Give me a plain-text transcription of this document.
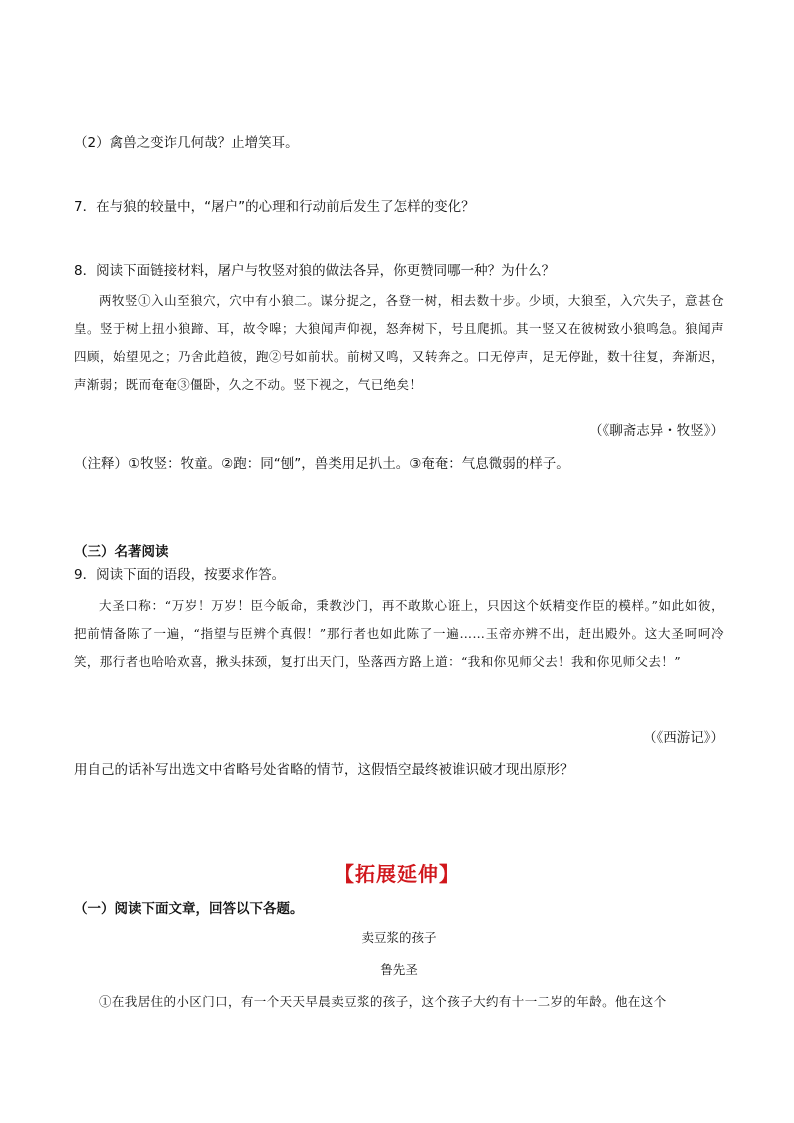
（2）禽兽之变诈几何哉？止增笑耳。

7．在与狼的较量中，“屠户”的心理和行动前后发生了怎样的变化？

8．阅读下面链接材料，屠户与牧竖对狼的做法各异，你更赞同哪一种？为什么？

两牧竖①入山至狼穴，穴中有小狼二。谋分捉之，各登一树，相去数十步。少顷，大狼至，入穴失子，意甚仓皇。竖于树上扭小狼蹄、耳，故令嗥；大狼闻声仰视，怒奔树下，号且爬抓。其一竖又在彼树致小狼鸣急。狼闻声四顾，始望见之；乃舍此趋彼，跑②号如前状。前树又鸣，又转奔之。口无停声，足无停趾，数十往复，奔渐迟，声渐弱；既而奄奄③僵卧，久之不动。竖下视之，气已绝矣！

（《聊斋志异・牧竖》）

（注释）①牧竖：牧童。②跑：同“刨”，兽类用足扒土。③奄奄：气息微弱的样子。

（三）名著阅读

9．阅读下面的语段，按要求作答。

大圣口称：“万岁！万岁！臣今皈命，秉教沙门，再不敢欺心诳上，只因这个妖精变作臣的模样。”如此如彼，把前情备陈了一遍，“指望与臣辨个真假！”那行者也如此陈了一遍……玉帝亦辨不出，赶出殿外。这大圣呵呵冷笑，那行者也哈哈欢喜，揪头抹颈，复打出天门，坠落西方路上道：“我和你见师父去！我和你见师父去！”

（《西游记》）

用自己的话补写出选文中省略号处省略的情节，这假悟空最终被谁识破才现出原形？

【拓展延伸】

（一）阅读下面文章，回答以下各题。

卖豆浆的孩子

鲁先圣

①在我居住的小区门口，有一个天天早晨卖豆浆的孩子，这个孩子大约有十一二岁的年龄。他在这个
